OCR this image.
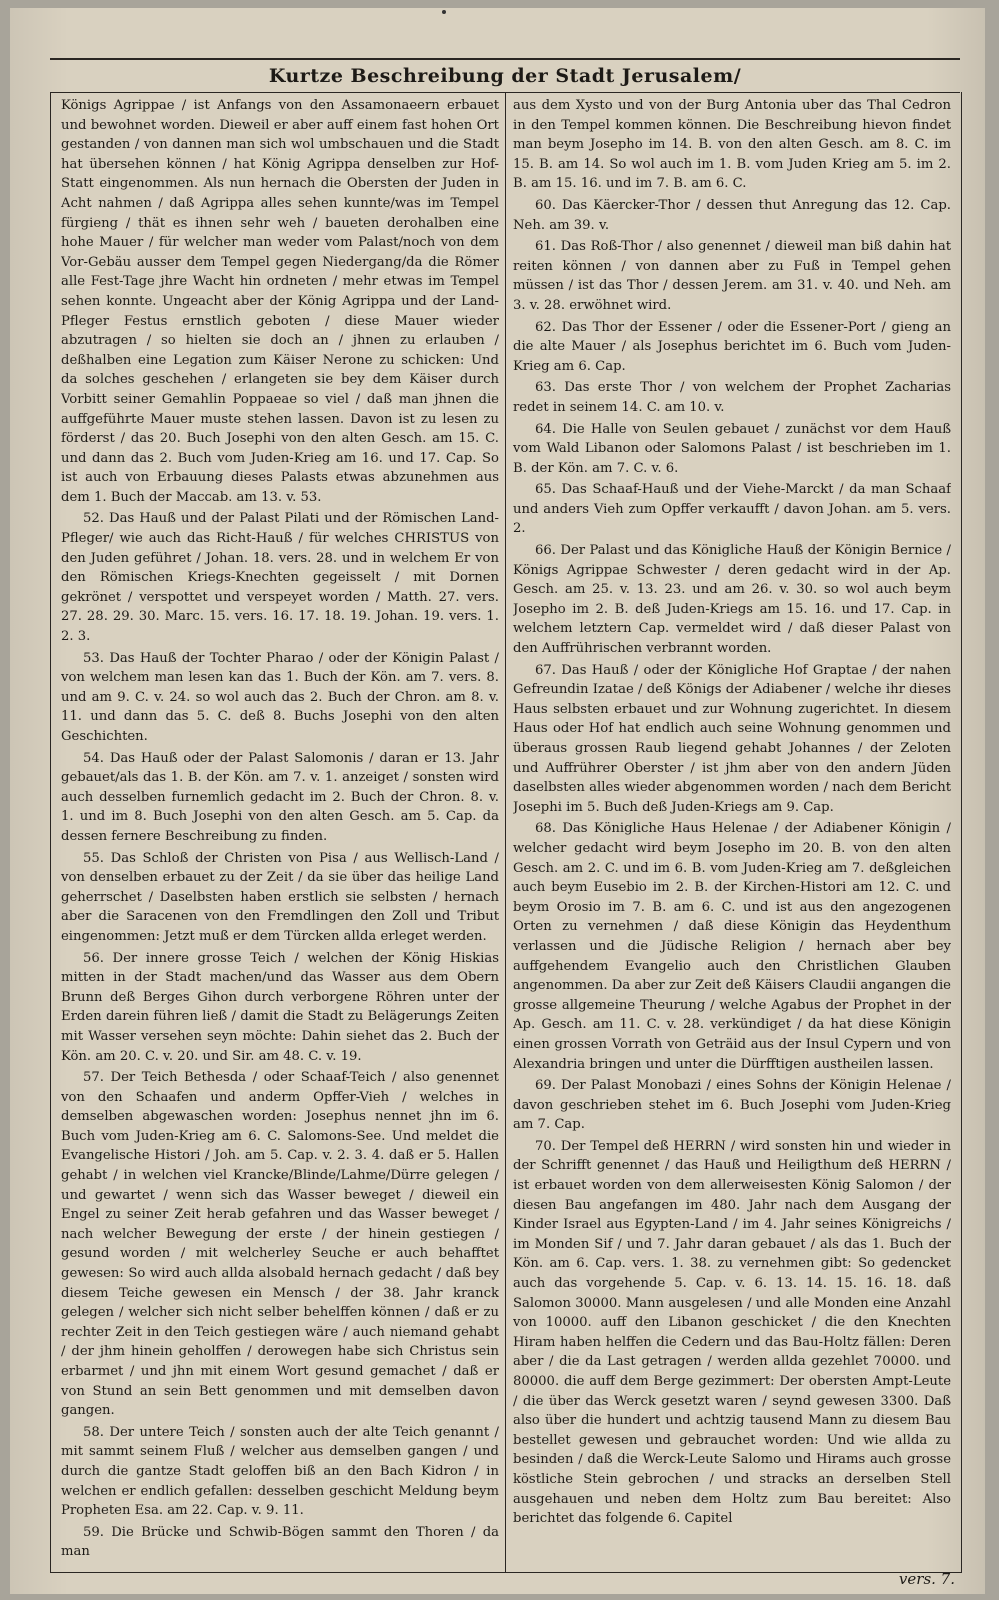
Kurtze Beschreibung der Stadt Jerusalem/

Königs Agrippae / ist Anfangs von den Assamonaeern erbauet und bewohnet worden. Dieweil er aber auff einem fast hohen Ort gestanden / von dannen man sich wol umbschauen und die Stadt hat übersehen können / hat König Agrippa denselben zur Hof-Statt eingenommen. Als nun hernach die Obersten der Juden in Acht nahmen / daß Agrippa alles sehen kunnte/was im Tempel fürgieng / thät es ihnen sehr weh / baueten derohalben eine hohe Mauer / für welcher man weder vom Palast/noch von dem Vor-Gebäu ausser dem Tempel gegen Niedergang/da die Römer alle Fest-Tage jhre Wacht hin ordneten / mehr etwas im Tempel sehen konnte. Ungeacht aber der König Agrippa und der Land-Pfleger Festus ernstlich geboten / diese Mauer wieder abzutragen / so hielten sie doch an / jhnen zu erlauben / deßhalben eine Legation zum Käiser Nerone zu schicken: Und da solches geschehen / erlangeten sie bey dem Käiser durch Vorbitt seiner Gemahlin Poppaeae so viel / daß man jhnen die auffgeführte Mauer muste stehen lassen. Davon ist zu lesen zu förderst / das 20. Buch Josephi von den alten Gesch. am 15. C. und dann das 2. Buch vom Juden-Krieg am 16. und 17. Cap. So ist auch von Erbauung dieses Palasts etwas abzunehmen aus dem 1. Buch der Maccab. am 13. v. 53.

52. Das Hauß und der Palast Pilati und der Römischen Land-Pfleger/ wie auch das Richt-Hauß / für welches CHRISTUS von den Juden geführet / Johan. 18. vers. 28. und in welchem Er von den Römischen Kriegs-Knechten gegeisselt / mit Dornen gekrönet / verspottet und verspeyet worden / Matth. 27. vers. 27. 28. 29. 30. Marc. 15. vers. 16. 17. 18. 19. Johan. 19. vers. 1. 2. 3.

53. Das Hauß der Tochter Pharao / oder der Königin Palast / von welchem man lesen kan das 1. Buch der Kön. am 7. vers. 8. und am 9. C. v. 24. so wol auch das 2. Buch der Chron. am 8. v. 11. und dann das 5. C. deß 8. Buchs Josephi von den alten Geschichten.

54. Das Hauß oder der Palast Salomonis / daran er 13. Jahr gebauet/als das 1. B. der Kön. am 7. v. 1. anzeiget / sonsten wird auch desselben furnemlich gedacht im 2. Buch der Chron. 8. v. 1. und im 8. Buch Josephi von den alten Gesch. am 5. Cap. da dessen fernere Beschreibung zu finden.

55. Das Schloß der Christen von Pisa / aus Wellisch-Land / von denselben erbauet zu der Zeit / da sie über das heilige Land geherrschet / Daselbsten haben erstlich sie selbsten / hernach aber die Saracenen von den Fremdlingen den Zoll und Tribut eingenommen: Jetzt muß er dem Türcken allda erleget werden.

56. Der innere grosse Teich / welchen der König Hiskias mitten in der Stadt machen/und das Wasser aus dem Obern Brunn deß Berges Gihon durch verborgene Röhren unter der Erden darein führen ließ / damit die Stadt zu Belägerungs Zeiten mit Wasser versehen seyn möchte: Dahin siehet das 2. Buch der Kön. am 20. C. v. 20. und Sir. am 48. C. v. 19.

57. Der Teich Bethesda / oder Schaaf-Teich / also genennet von den Schaafen und anderm Opffer-Vieh / welches in demselben abgewaschen worden: Josephus nennet jhn im 6. Buch vom Juden-Krieg am 6. C. Salomons-See. Und meldet die Evangelische Histori / Joh. am 5. Cap. v. 2. 3. 4. daß er 5. Hallen gehabt / in welchen viel Krancke/Blinde/Lahme/Dürre gelegen / und gewartet / wenn sich das Wasser beweget / dieweil ein Engel zu seiner Zeit herab gefahren und das Wasser beweget / nach welcher Bewegung der erste / der hinein gestiegen / gesund worden / mit welcherley Seuche er auch behafftet gewesen: So wird auch allda alsobald hernach gedacht / daß bey diesem Teiche gewesen ein Mensch / der 38. Jahr kranck gelegen / welcher sich nicht selber behelffen können / daß er zu rechter Zeit in den Teich gestiegen wäre / auch niemand gehabt / der jhm hinein geholffen / derowegen habe sich Christus sein erbarmet / und jhn mit einem Wort gesund gemachet / daß er von Stund an sein Bett genommen und mit demselben davon gangen.

58. Der untere Teich / sonsten auch der alte Teich genannt / mit sammt seinem Fluß / welcher aus demselben gangen / und durch die gantze Stadt geloffen biß an den Bach Kidron / in welchen er endlich gefallen: desselben geschicht Meldung beym Propheten Esa. am 22. Cap. v. 9. 11.

59. Die Brücke und Schwib-Bögen sammt den Thoren / da man

aus dem Xysto und von der Burg Antonia uber das Thal Cedron in den Tempel kommen können. Die Beschreibung hievon findet man beym Josepho im 14. B. von den alten Gesch. am 8. C. im 15. B. am 14. So wol auch im 1. B. vom Juden Krieg am 5. im 2. B. am 15. 16. und im 7. B. am 6. C.

60. Das Käercker-Thor / dessen thut Anregung das 12. Cap. Neh. am 39. v.

61. Das Roß-Thor / also genennet / dieweil man biß dahin hat reiten können / von dannen aber zu Fuß in Tempel gehen müssen / ist das Thor / dessen Jerem. am 31. v. 40. und Neh. am 3. v. 28. erwöhnet wird.

62. Das Thor der Essener / oder die Essener-Port / gieng an die alte Mauer / als Josephus berichtet im 6. Buch vom Juden-Krieg am 6. Cap.

63. Das erste Thor / von welchem der Prophet Zacharias redet in seinem 14. C. am 10. v.

64. Die Halle von Seulen gebauet / zunächst vor dem Hauß vom Wald Libanon oder Salomons Palast / ist beschrieben im 1. B. der Kön. am 7. C. v. 6.

65. Das Schaaf-Hauß und der Viehe-Marckt / da man Schaaf und anders Vieh zum Opffer verkaufft / davon Johan. am 5. vers. 2.

66. Der Palast und das Königliche Hauß der Königin Bernice / Königs Agrippae Schwester / deren gedacht wird in der Ap. Gesch. am 25. v. 13. 23. und am 26. v. 30. so wol auch beym Josepho im 2. B. deß Juden-Kriegs am 15. 16. und 17. Cap. in welchem letztern Cap. vermeldet wird / daß dieser Palast von den Auffrührischen verbrannt worden.

67. Das Hauß / oder der Königliche Hof Graptae / der nahen Gefreundin Izatae / deß Königs der Adiabener / welche ihr dieses Haus selbsten erbauet und zur Wohnung zugerichtet. In diesem Haus oder Hof hat endlich auch seine Wohnung genommen und überaus grossen Raub liegend gehabt Johannes / der Zeloten und Auffrührer Oberster / ist jhm aber von den andern Jüden daselbsten alles wieder abgenommen worden / nach dem Bericht Josephi im 5. Buch deß Juden-Kriegs am 9. Cap.

68. Das Königliche Haus Helenae / der Adiabener Königin / welcher gedacht wird beym Josepho im 20. B. von den alten Gesch. am 2. C. und im 6. B. vom Juden-Krieg am 7. deßgleichen auch beym Eusebio im 2. B. der Kirchen-Histori am 12. C. und beym Orosio im 7. B. am 6. C. und ist aus den angezogenen Orten zu vernehmen / daß diese Königin das Heydenthum verlassen und die Jüdische Religion / hernach aber bey auffgehendem Evangelio auch den Christlichen Glauben angenommen. Da aber zur Zeit deß Käisers Claudii angangen die grosse allgemeine Theurung / welche Agabus der Prophet in der Ap. Gesch. am 11. C. v. 28. verkündiget / da hat diese Königin einen grossen Vorrath von Geträid aus der Insul Cypern und von Alexandria bringen und unter die Dürfftigen austheilen lassen.

69. Der Palast Monobazi / eines Sohns der Königin Helenae / davon geschrieben stehet im 6. Buch Josephi vom Juden-Krieg am 7. Cap.

70. Der Tempel deß HERRN / wird sonsten hin und wieder in der Schrifft genennet / das Hauß und Heiligthum deß HERRN / ist erbauet worden von dem allerweisesten König Salomon / der diesen Bau angefangen im 480. Jahr nach dem Ausgang der Kinder Israel aus Egypten-Land / im 4. Jahr seines Königreichs / im Monden Sif / und 7. Jahr daran gebauet / als das 1. Buch der Kön. am 6. Cap. vers. 1. 38. zu vernehmen gibt: So gedencket auch das vorgehende 5. Cap. v. 6. 13. 14. 15. 16. 18. daß Salomon 30000. Mann ausgelesen / und alle Monden eine Anzahl von 10000. auff den Libanon geschicket / die den Knechten Hiram haben helffen die Cedern und das Bau-Holtz fällen: Deren aber / die da Last getragen / werden allda gezehlet 70000. und 80000. die auff dem Berge gezimmert: Der obersten Ampt-Leute / die über das Werck gesetzt waren / seynd gewesen 3300. Daß also über die hundert und achtzig tausend Mann zu diesem Bau bestellet gewesen und gebrauchet worden: Und wie allda zu besinden / daß die Werck-Leute Salomo und Hirams auch grosse köstliche Stein gebrochen / und stracks an derselben Stell ausgehauen und neben dem Holtz zum Bau bereitet: Also berichtet das folgende 6. Capitel

vers. 7.
